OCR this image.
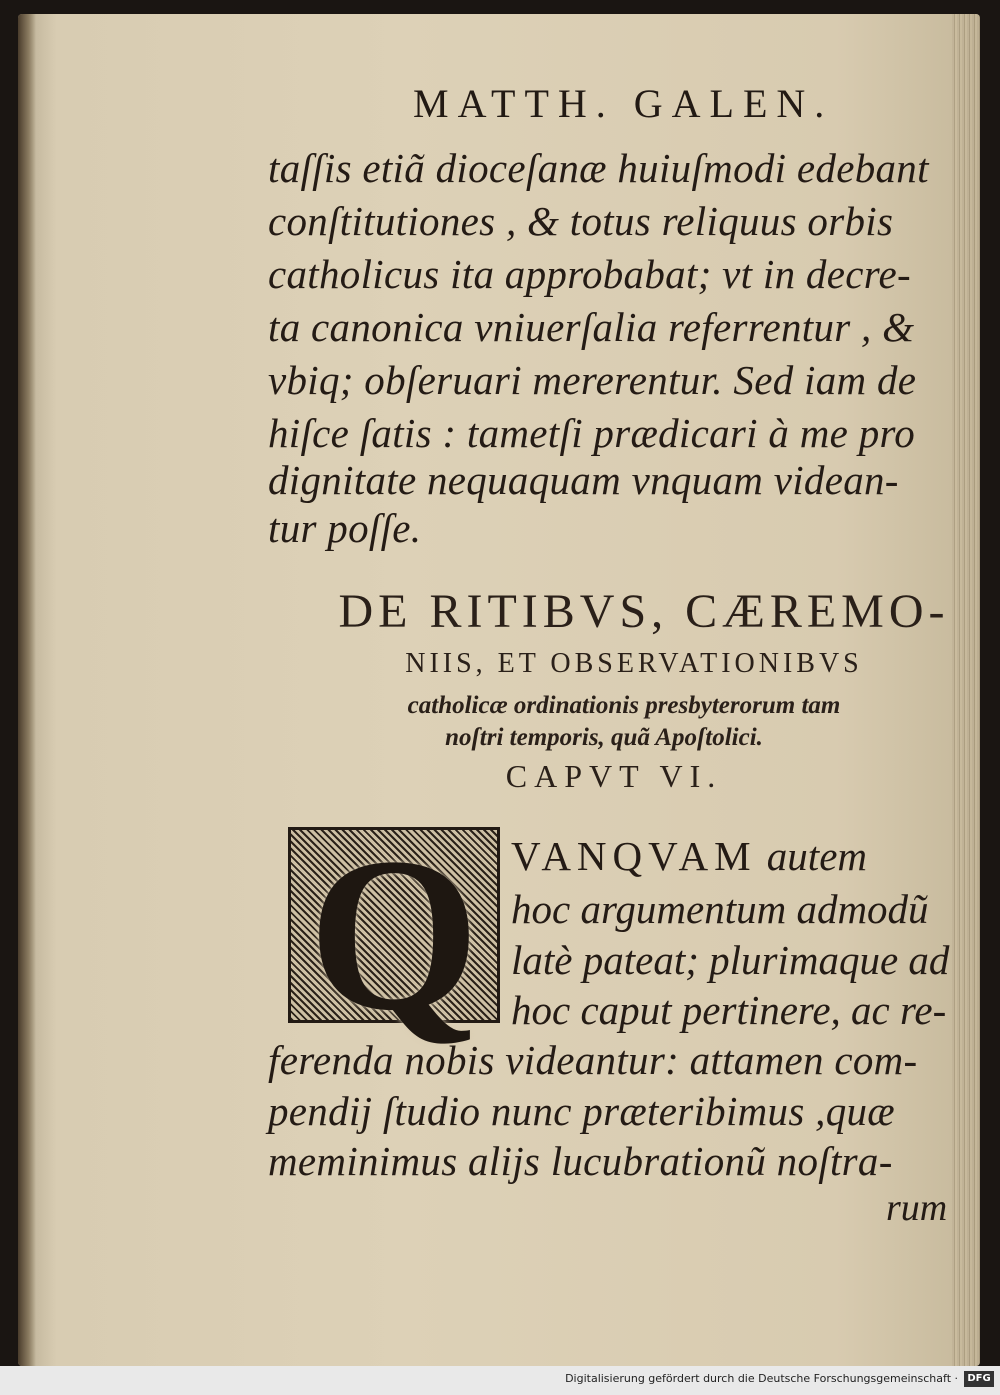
MATTH. GALEN.
taſſis etiã dioceſanæ huiuſmodi edebant
conſtitutiones , & totus reliquus orbis
catholicus ita approbabat; vt in decre-
ta canonica vniuerſalia referrentur , &
vbiq; obſeruari mererentur. Sed iam de
hiſce ſatis : tametſi prædicari à me pro
dignitate nequaquam vnquam videan-
tur poſſe.
DE RITIBVS, CÆREMO-
NIIS, ET OBSERVATIONIBVS
catholicæ ordinationis presbyterorum tam
noſtri temporis, quã Apoſtolici.
CAPVT VI.
Q VANQVAM autem
hoc argumentum admodũ
latè pateat; plurimaque ad
hoc caput pertinere, ac re-
ferenda nobis videantur: attamen com-
pendij ſtudio nunc præteribimus ,quæ
meminimus alijs lucubrationũ noſtra-
rum
Digitalisierung gefördert durch die Deutsche Forschungsgemeinschaft · DFG
